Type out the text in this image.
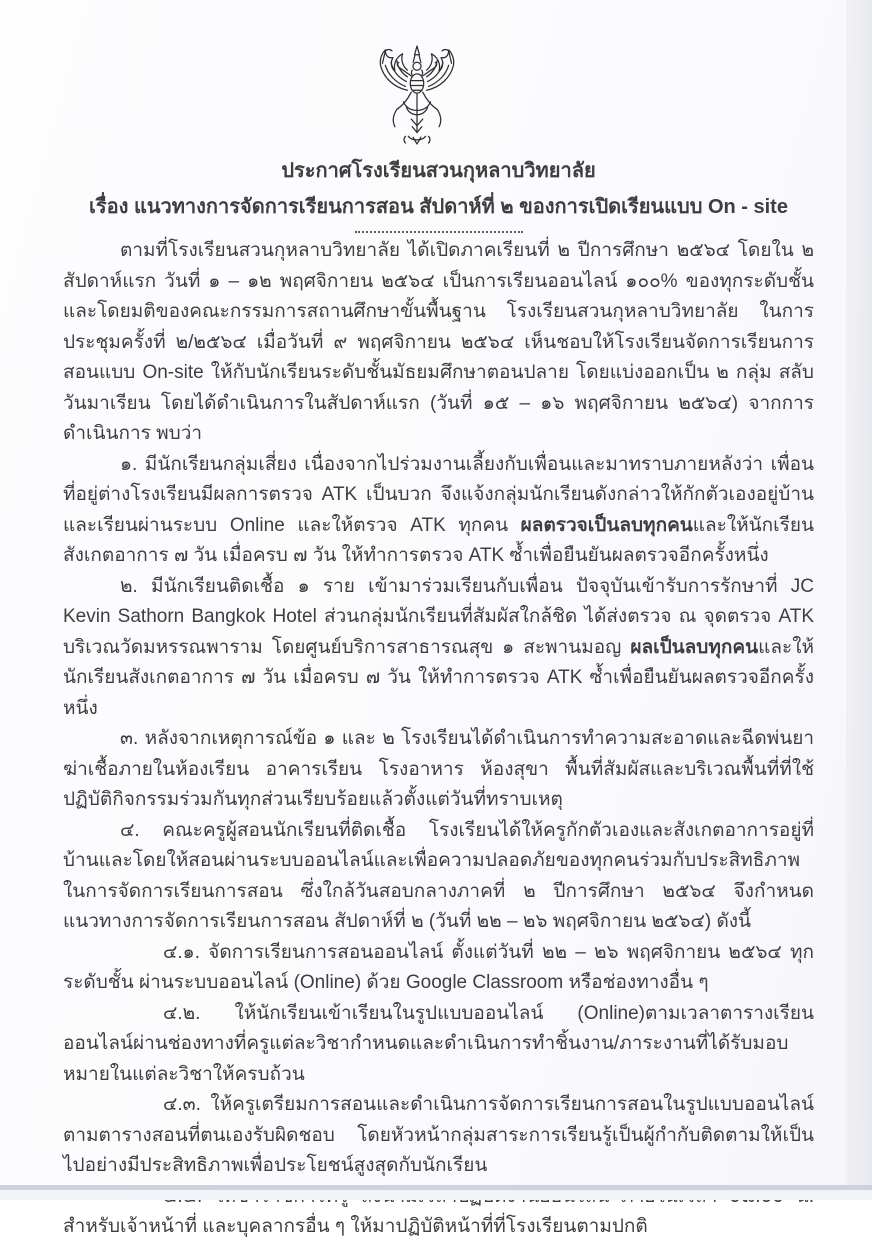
ประกาศโรงเรียนสวนกุหลาบวิทยาลัย
เรื่อง แนวทางการจัดการเรียนการสอน สัปดาห์ที่ ๒ ของการเปิดเรียนแบบ On - site

ตามที่โรงเรียนสวนกุหลาบวิทยาลัย ได้เปิดภาคเรียนที่ ๒ ปีการศึกษา ๒๕๖๔ โดยใน ๒ สัปดาห์แรก วันที่ ๑ – ๑๒ พฤศจิกายน ๒๕๖๔ เป็นการเรียนออนไลน์ ๑๐๐% ของทุกระดับชั้น และโดยมติของคณะกรรมการ​สถานศึกษาขั้นพื้นฐาน โรงเรียนสวนกุหลาบวิทยาลัย ในการประชุมครั้งที่ ๒/๒๕๖๔ เมื่อวันที่ ๙ พฤศจิกายน ๒๕๖๔ เห็นชอบให้โรงเรียนจัดการเรียนการสอนแบบ On-site ให้กับนักเรียนระดับชั้นมัธยมศึกษาตอนปลาย โดยแบ่งออกเป็น ๒ กลุ่ม สลับวันมาเรียน โดยได้ดำเนินการในสัปดาห์แรก (วันที่ ๑๕ – ๑๖ พฤศจิกายน ๒๕๖๔) จากการดำเนินการ พบว่า

๑. มีนักเรียนกลุ่มเสี่ยง เนื่องจากไปร่วมงานเลี้ยงกับเพื่อนและมาทราบภายหลังว่า เพื่อนที่อยู่ต่างโรงเรียน​มีผลการตรวจ ATK เป็นบวก จึงแจ้งกลุ่มนักเรียนดังกล่าวให้กักตัวเองอยู่บ้านและเรียนผ่านระบบ Online และให้​ตรวจ ATK ทุกคน ผลตรวจเป็นลบทุกคนและให้นักเรียนสังเกตอาการ ๗ วัน เมื่อครบ ๗ วัน ให้ทำการตรวจ ATK ซ้ำเพื่อยืนยันผลตรวจอีกครั้งหนึ่ง

๒. มีนักเรียนติดเชื้อ ๑ ราย เข้ามาร่วมเรียนกับเพื่อน ปัจจุบันเข้ารับการรักษาที่ JC Kevin Sathorn Bangkok Hotel ส่วนกลุ่มนักเรียนที่สัมผัสใกล้ชิด ได้ส่งตรวจ ณ จุดตรวจ ATK บริเวณวัดมหรรณพาราม โดยศูนย์บริการสาธารณสุข ๑ สะพานมอญ ผลเป็นลบทุกคนและให้นักเรียนสังเกตอาการ ๗ วัน เมื่อครบ ๗ วัน ให้ทำการตรวจ ATK ซ้ำเพื่อยืนยันผลตรวจอีกครั้งหนึ่ง

๓. หลังจากเหตุการณ์ข้อ ๑ และ ๒ โรงเรียนได้ดำเนินการทำความสะอาดและฉีดพ่นยาฆ่าเชื้อภายใน​ห้องเรียน อาคารเรียน โรงอาหาร ห้องสุขา พื้นที่สัมผัสและบริเวณพื้นที่ที่ใช้ปฏิบัติกิจกรรมร่วมกันทุกส่วน​เรียบร้อยแล้วตั้งแต่วันที่ทราบเหตุ

๔. คณะครูผู้สอนนักเรียนที่ติดเชื้อ โรงเรียนได้ให้ครูกักตัวเองและสังเกตอาการอยู่ที่บ้านและโดยให้สอน​ผ่านระบบออนไลน์และเพื่อความปลอดภัยของทุกคนร่วมกับประสิทธิภาพในการจัดการเรียนการสอน ซึ่งใกล้วัน​สอบกลางภาคที่ ๒ ปีการศึกษา ๒๕๖๔ จึงกำหนดแนวทางการจัดการเรียนการสอน สัปดาห์ที่ ๒ (วันที่ ๒๒ – ๒๖ พฤศจิกายน ๒๕๖๔) ดังนี้

๔.๑. จัดการเรียนการสอนออนไลน์ ตั้งแต่วันที่ ๒๒ – ๒๖ พฤศจิกายน ๒๕๖๔ ทุกระดับชั้น ผ่าน​ระบบออนไลน์ (Online) ด้วย Google Classroom หรือช่องทางอื่น ๆ

๔.๒. ให้นักเรียนเข้าเรียนในรูปแบบออนไลน์ (Online)ตามเวลาตารางเรียนออนไลน์ผ่านช่องทาง​ที่ครูแต่ละวิชากำหนดและดำเนินการทำชิ้นงาน/ภาระงานที่ได้รับมอบหมายในแต่ละวิชาให้ครบถ้วน

๔.๓. ให้ครูเตรียมการสอนและดำเนินการจัดการเรียนการสอนในรูปแบบออนไลน์ตามตารางสอน​ที่ตนเองรับผิดชอบ โดยหัวหน้ากลุ่มสาระการเรียนรู้เป็นผู้กำกับติดตามให้เป็นไปอย่างมีประสิทธิภาพเพื่อประโยชน์​สูงสุดกับนักเรียน

สำหรับเจ้าหน้าที่ และบุคลากรอื่น ๆ ให้มาปฏิบัติหน้าที่ที่โรงเรียนตามปกติ
